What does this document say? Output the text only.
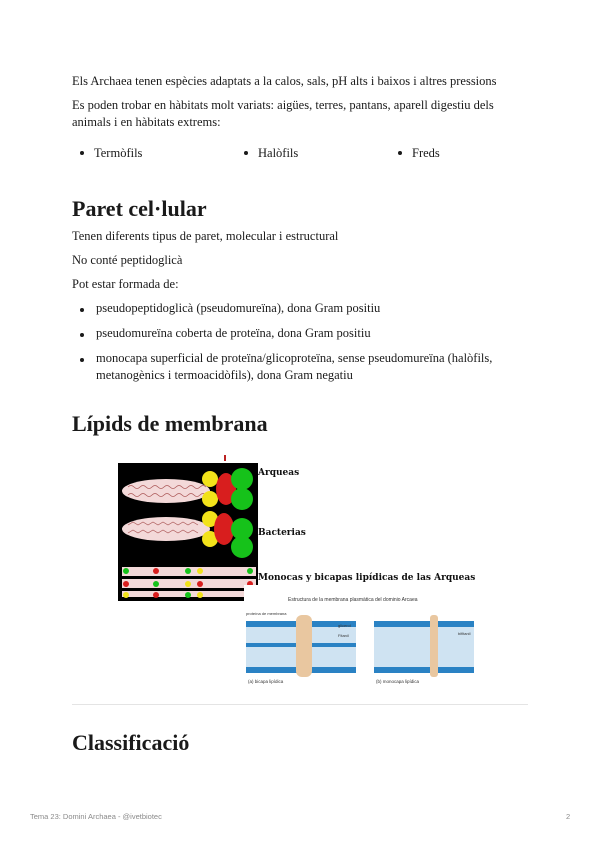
Els Archaea tenen espècies adaptats a la calos, sals, pH alts i baixos i altres pressions

Es poden trobar en hàbitats molt variats: aigües, terres, pantans, aparell digestiu dels animals i en hàbitats extrems:

Termòfils	Halòfils	Freds
Paret cel·lular

Tenen diferents tipus de paret, molecular i estructural

No conté peptidoglicà

Pot estar formada de:

pseudopeptidoglicà (pseudomureïna), dona Gram positiu
pseudomureïna coberta de proteïna, dona Gram positiu
monocapa superficial de proteïna/glicoproteïna, sense pseudomureïna (halòfils, metanogènics i termoacidòfils), dona Gram negatiu
Lípids de membrana
Classificació
Arqueas
Bacterias
Monocas y bicapas lipídicas de las Arqueas
Estructura de la membrana plasmàtica del dominio Arcaea
proteína de membrana
glicerol
Fitanil
(a) bicapa lipídica
bifitanil
(b) monocapa lipídica
Tema 23: Domini Archaea - @ivetbiotec	2
